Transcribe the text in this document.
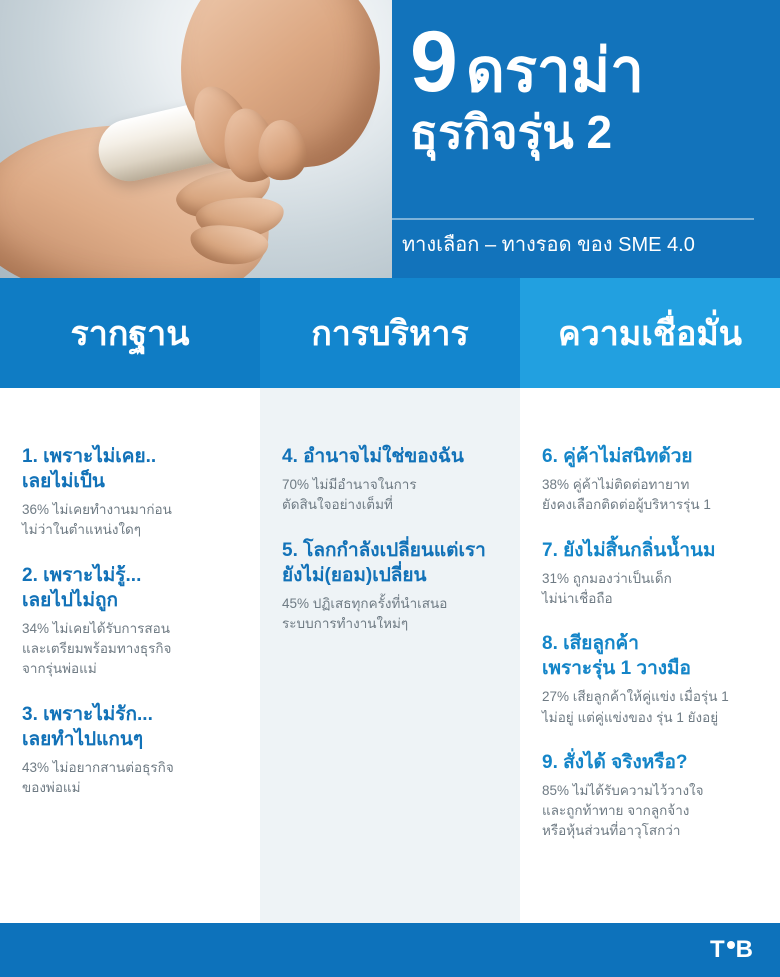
9 ดราม่า
ธุรกิจรุ่น 2
ทางเลือก – ทางรอด ของ SME 4.0
รากฐาน	การบริหาร	ความเชื่อมั่น
1. เพราะไม่เคย..
เลยไม่เป็น
36% ไม่เคยทำงานมาก่อน
ไม่ว่าในตำแหน่งใดๆ
2. เพราะไม่รู้...
เลยไปไม่ถูก
34% ไม่เคยได้รับการสอน
และเตรียมพร้อมทางธุรกิจ
จากรุ่นพ่อแม่
3. เพราะไม่รัก...
เลยทำไปแกนๆ
43% ไม่อยากสานต่อธุรกิจ
ของพ่อแม่
4. อำนาจไม่ใช่ของฉัน
70% ไม่มีอำนาจในการ
ตัดสินใจอย่างเต็มที่
5. โลกกำลังเปลี่ยนแต่เรา
ยังไม่(ยอม)เปลี่ยน
45% ปฏิเสธทุกครั้งที่นำเสนอ
ระบบการทำงานใหม่ๆ
6. คู่ค้าไม่สนิทด้วย
38% คู่ค้าไม่ติดต่อทายาท
ยังคงเลือกติดต่อผู้บริหารรุ่น 1
7. ยังไม่สิ้นกลิ่นน้ำนม
31% ถูกมองว่าเป็นเด็ก
ไม่น่าเชื่อถือ
8. เสียลูกค้า
เพราะรุ่น 1 วางมือ
27% เสียลูกค้าให้คู่แข่ง เมื่อรุ่น 1
ไม่อยู่ แต่คู่แข่งของ รุ่น 1 ยังอยู่
9. สั่งได้ จริงหรือ?
85% ไม่ได้รับความไว้วางใจ
และถูกท้าทาย จากลูกจ้าง
หรือหุ้นส่วนที่อาวุโสกว่า
T B
